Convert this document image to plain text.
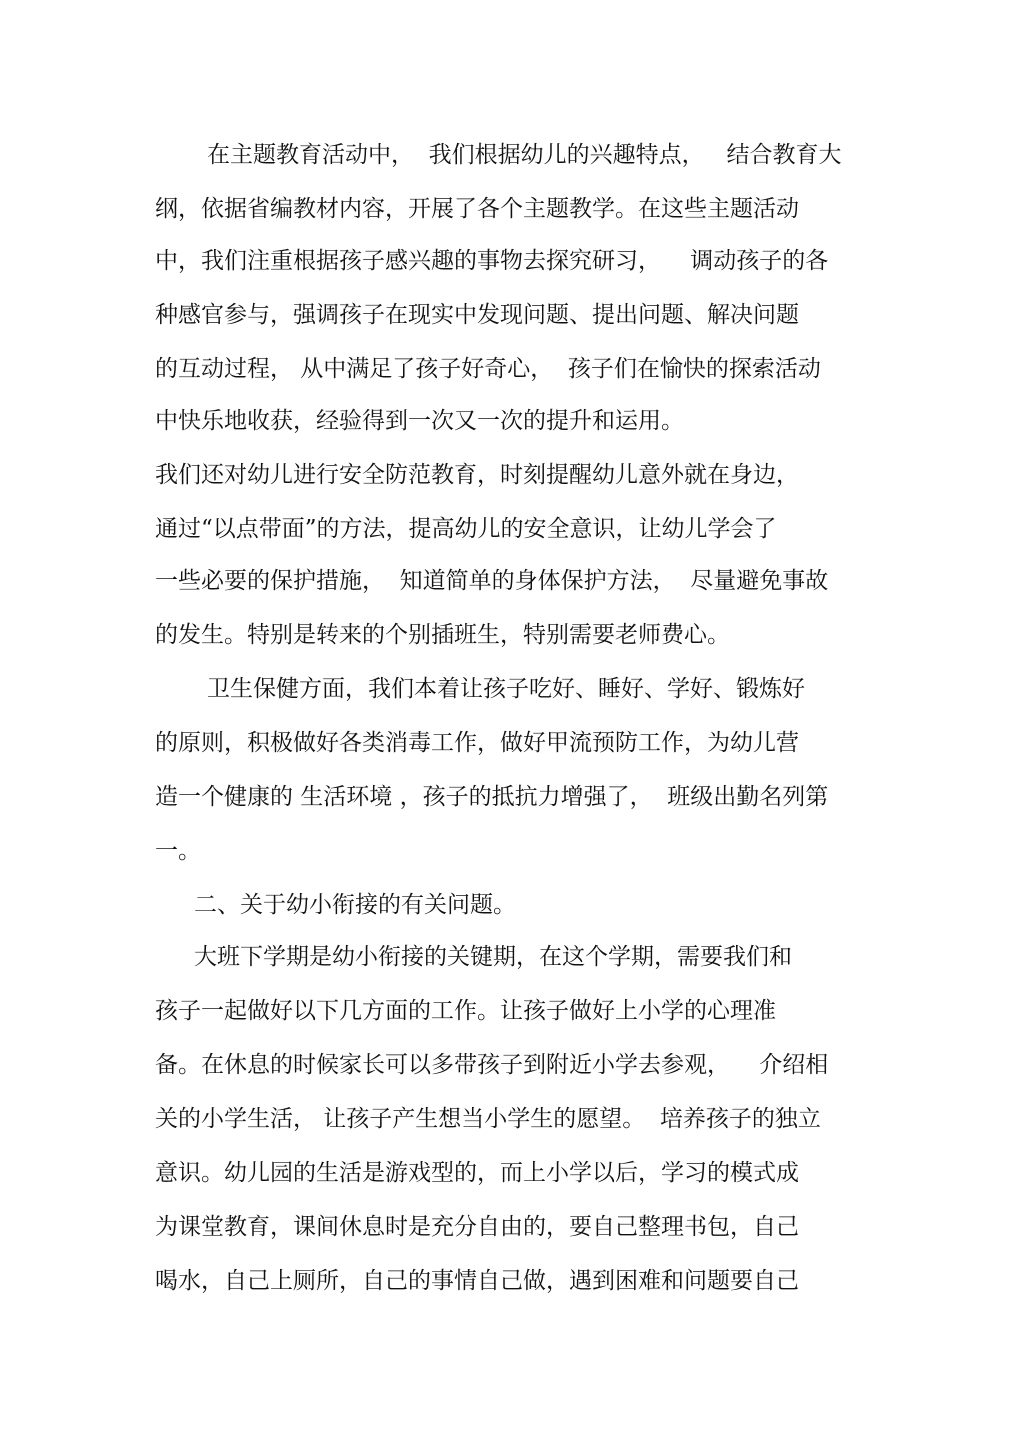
在主题教育活动中，  我们根据幼儿的兴趣特点，   结合教育大
纲，依据省编教材内容，开展了各个主题教学。在这些主题活动
中，我们注重根据孩子感兴趣的事物去探究研习，    调动孩子的各
种感官参与，强调孩子在现实中发现问题、提出问题、解决问题
的互动过程， 从中满足了孩子好奇心，  孩子们在愉快的探索活动
中快乐地收获，经验得到一次又一次的提升和运用。
我们还对幼儿进行安全防范教育，时刻提醒幼儿意外就在身边，
通过“以点带面”的方法，提高幼儿的安全意识，让幼儿学会了
一些必要的保护措施，  知道简单的身体保护方法，  尽量避免事故
的发生。特别是转来的个别插班生，特别需要老师费心。
卫生保健方面，我们本着让孩子吃好、睡好、学好、锻炼好
的原则，积极做好各类消毒工作，做好甲流预防工作，为幼儿营
造一个健康的 生活环境 ，孩子的抵抗力增强了，  班级出勤名列第
一。
二、关于幼小衔接的有关问题。
大班下学期是幼小衔接的关键期，在这个学期，需要我们和
孩子一起做好以下几方面的工作。让孩子做好上小学的心理准
备。在休息的时候家长可以多带孩子到附近小学去参观，    介绍相
关的小学生活， 让孩子产生想当小学生的愿望。  培养孩子的独立
意识。幼儿园的生活是游戏型的，而上小学以后，学习的模式成
为课堂教育，课间休息时是充分自由的，要自己整理书包，自己
喝水，自己上厕所，自己的事情自己做，遇到困难和问题要自己
